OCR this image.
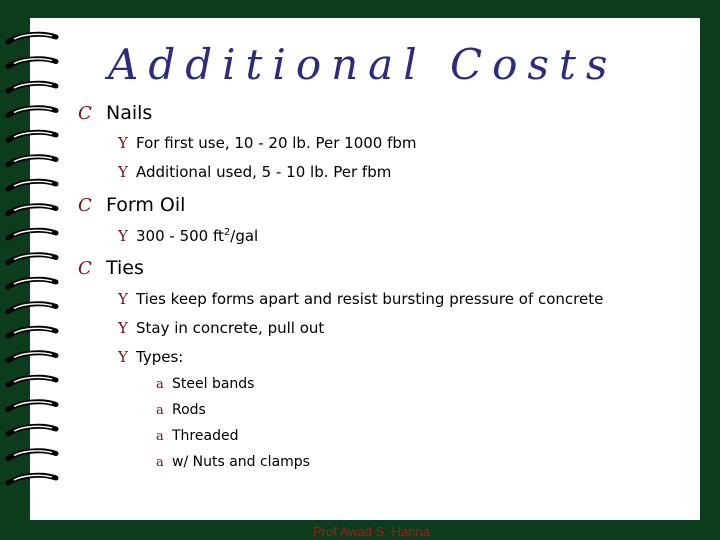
Additional Costs
C Nails
Y For first use, 10 - 20 lb. Per 1000 fbm
Y Additional used, 5 - 10 lb. Per fbm
C Form Oil
Y 300 - 500 $ft^2$/gal
C Ties
Y Ties keep forms apart and resist bursting pressure of concrete
Y Stay in concrete, pull out
Y Types:
a Steel bands
a Rods
a Threaded
a w/ Nuts and clamps
Prof Awad S. Hanna
